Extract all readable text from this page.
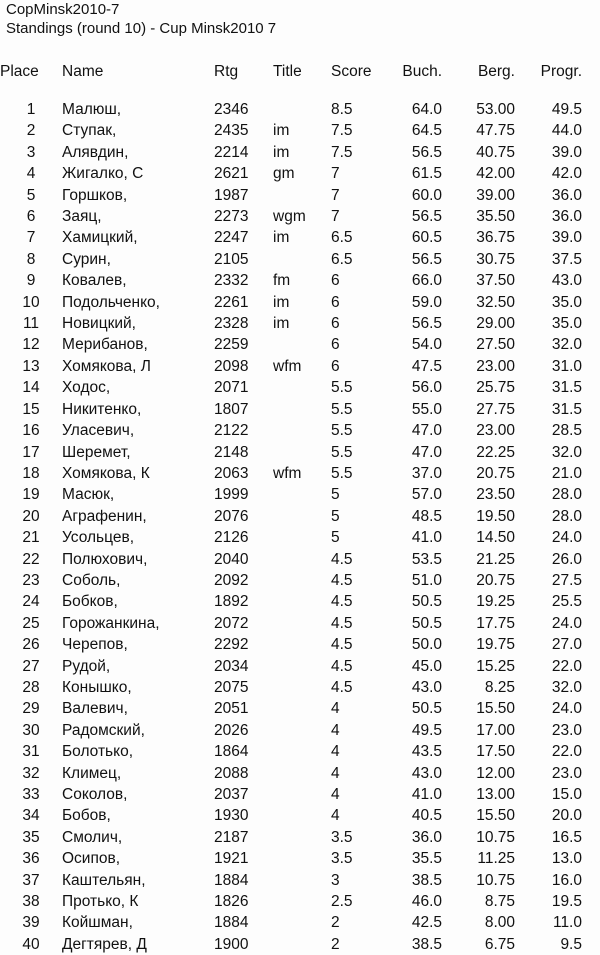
CopMinsk2010-7
Standings (round 10) - Cup Minsk2010 7
Place	Name	Rtg	Title	Score	Buch.	Berg.	Progr.

1	Малюш,	2346		8.5	64.0	53.00	49.5
2	Ступак,	2435	im	7.5	64.5	47.75	44.0
3	Алявдин,	2214	im	7.5	56.5	40.75	39.0
4	Жигалко, С	2621	gm	7	61.5	42.00	42.0
5	Горшков,	1987		7	60.0	39.00	36.0
6	Заяц,	2273	wgm	7	56.5	35.50	36.0
7	Хамицкий,	2247	im	6.5	60.5	36.75	39.0
8	Сурин,	2105		6.5	56.5	30.75	37.5
9	Ковалев,	2332	fm	6	66.0	37.50	43.0
10	Подольченко,	2261	im	6	59.0	32.50	35.0
11	Новицкий,	2328	im	6	56.5	29.00	35.0
12	Мерибанов,	2259		6	54.0	27.50	32.0
13	Хомякова, Л	2098	wfm	6	47.5	23.00	31.0
14	Ходос,	2071		5.5	56.0	25.75	31.5
15	Никитенко,	1807		5.5	55.0	27.75	31.5
16	Уласевич,	2122		5.5	47.0	23.00	28.5
17	Шеремет,	2148		5.5	47.0	22.25	32.0
18	Хомякова, К	2063	wfm	5.5	37.0	20.75	21.0
19	Масюк,	1999		5	57.0	23.50	28.0
20	Аграфенин,	2076		5	48.5	19.50	28.0
21	Усольцев,	2126		5	41.0	14.50	24.0
22	Полюхович,	2040		4.5	53.5	21.25	26.0
23	Соболь,	2092		4.5	51.0	20.75	27.5
24	Бобков,	1892		4.5	50.5	19.25	25.5
25	Горожанкина,	2072		4.5	50.5	17.75	24.0
26	Черепов,	2292		4.5	50.0	19.75	27.0
27	Рудой,	2034		4.5	45.0	15.25	22.0
28	Конышко,	2075		4.5	43.0	8.25	32.0
29	Валевич,	2051		4	50.5	15.50	24.0
30	Радомский,	2026		4	49.5	17.00	23.0
31	Болотько,	1864		4	43.5	17.50	22.0
32	Климец,	2088		4	43.0	12.00	23.0
33	Соколов,	2037		4	41.0	13.00	15.0
34	Бобов,	1930		4	40.5	15.50	20.0
35	Смолич,	2187		3.5	36.0	10.75	16.5
36	Осипов,	1921		3.5	35.5	11.25	13.0
37	Каштельян,	1884		3	38.5	10.75	16.0
38	Протько, К	1826		2.5	46.0	8.75	19.5
39	Койшман,	1884		2	42.5	8.00	11.0
40	Дегтярев, Д	1900		2	38.5	6.75	9.5
